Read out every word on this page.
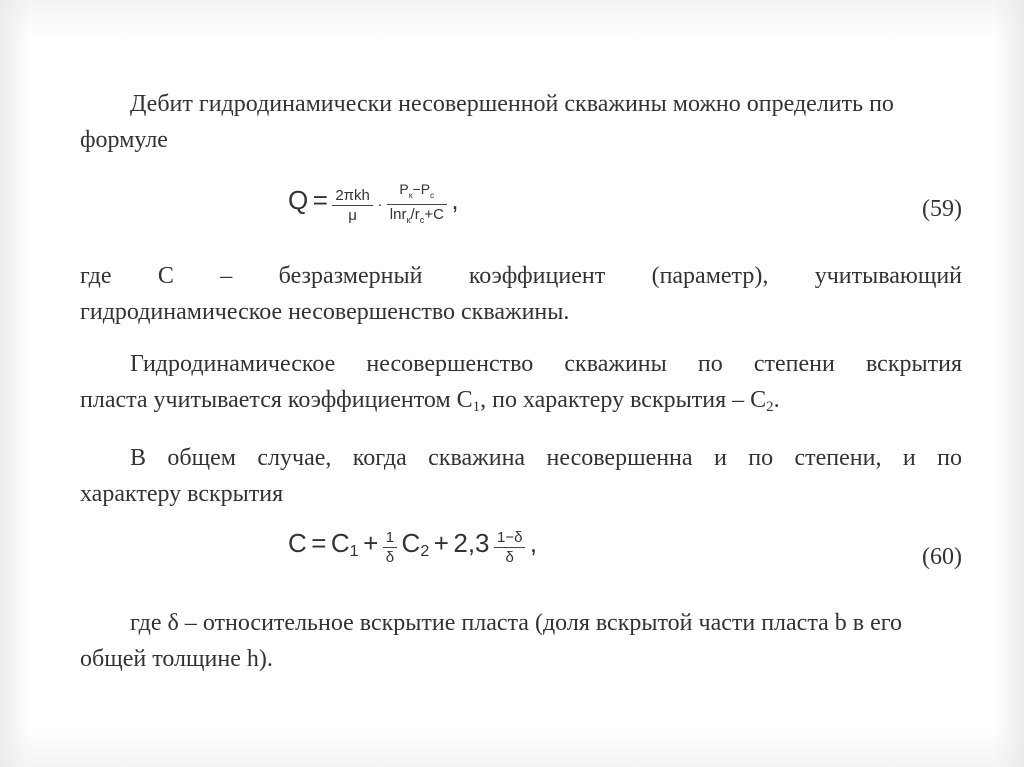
Дебит гидродинамически несовершенной скважины можно определить по
формуле

$Q = \frac{\text{2πkh}}{\mu} \cdot \frac{P_к-P_c}{\ln r_к/r_c+C}$ ,	(59)

где С – безразмерный коэффициент (параметр), учитывающий
гидродинамическое несовершенство скважины.

Гидродинамическое несовершенство скважины по степени вскрытия
пласта учитывается коэффициентом $С_1$, по характеру вскрытия – $С_2$.

В общем случае, когда скважина несовершенна и по степени, и по
характеру вскрытия

$C = C_1 + \frac{1}{\delta} C_2 + 2,3 \frac{1-\delta}{\delta}$ ,	(60)

где δ – относительное вскрытие пласта (доля вскрытой части пласта b в его
общей толщине h).
